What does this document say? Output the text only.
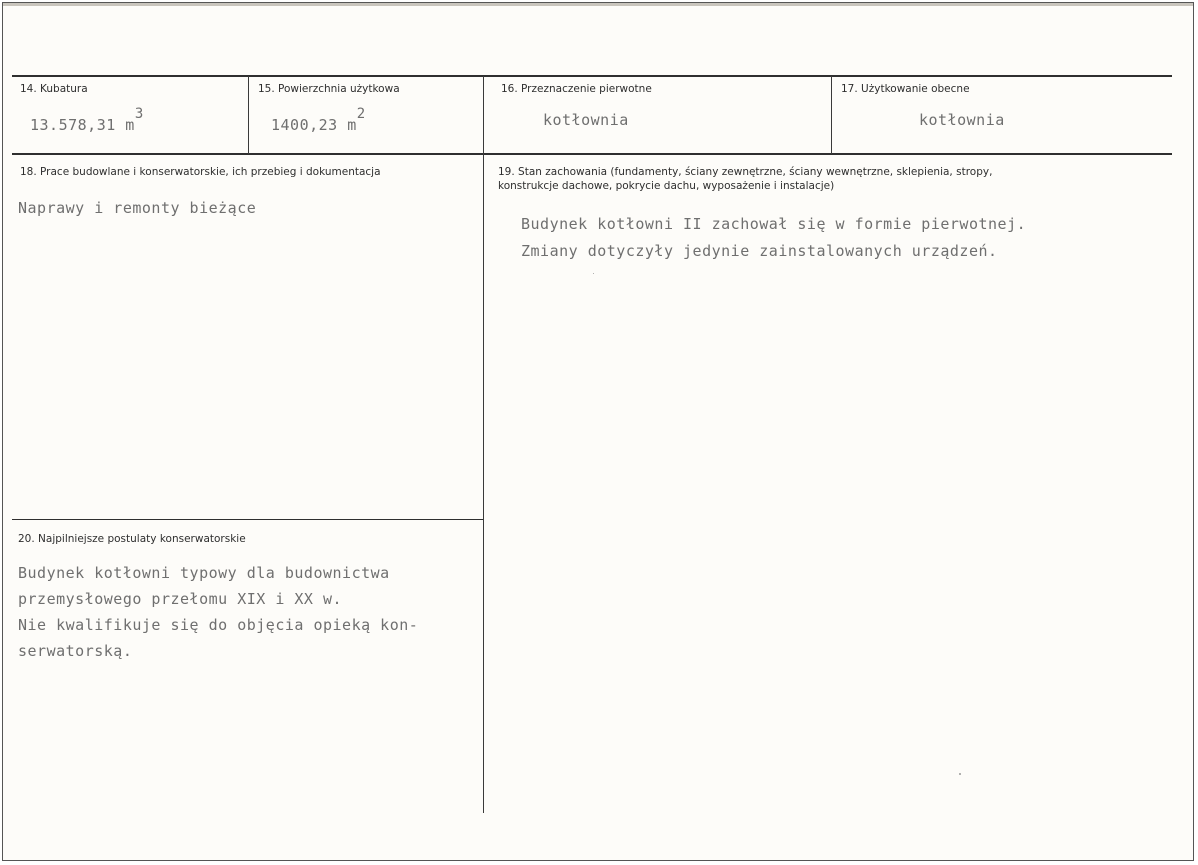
14. Kubatura
13.578,31 $m^3$
15. Powierzchnia użytkowa
1400,23 $m^2$
16. Przeznaczenie pierwotne
kotłownia
17. Użytkowanie obecne
kotłownia
18. Prace budowlane i konserwatorskie, ich przebieg i dokumentacja
Naprawy i remonty bieżące
19. Stan zachowania (fundamenty, ściany zewnętrzne, ściany wewnętrzne, sklepienia, stropy,
konstrukcje dachowe, pokrycie dachu, wyposażenie i instalacje)
Budynek kotłowni II zachował się w formie pierwotnej.
Zmiany dotyczyły jedynie zainstalowanych urządzeń.
20. Najpilniejsze postulaty konserwatorskie
Budynek kotłowni typowy dla budownictwa
przemysłowego przełomu XIX i XX w.
Nie kwalifikuje się do objęcia opieką kon-
serwatorską.
